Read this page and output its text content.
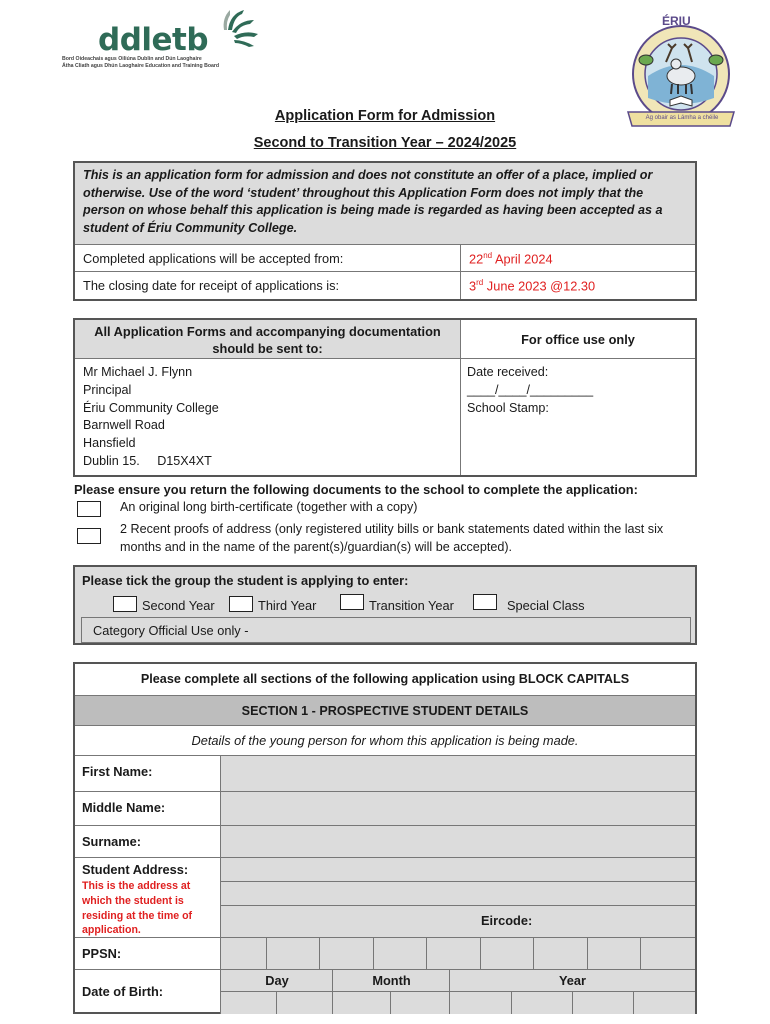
ddletb
Bord Oideachais agus Oiliúna Dublin and Dún Laoghaire
Átha Cliath agus Dhún Laoghaire Education and Training Board
ÉRIU
Ag obair as Lámha a chéile
Application Form for Admission
Second to Transition Year – 2024/2025
This is an application form for admission and does not constitute an offer of a place, implied or otherwise. Use of the word ‘student’ throughout this Application Form does not imply that the person on whose behalf this application is being made is regarded as having been accepted as a student of Ériu Community College.
Completed applications will be accepted from:	22nd April 2024
The closing date for receipt of applications is:	3rd June 2023 @12.30
All Application Forms and accompanying documentation should be sent to:
For office use only
Mr Michael J. Flynn
Principal
Ériu Community College
Barnwell Road
Hansfield
Dublin 15.     D15X4XT
Date received:
____/____/_________
School Stamp:
Please ensure you return the following documents to the school to complete the application:
An original long birth-certificate (together with a copy)
2 Recent proofs of address (only registered utility bills or bank statements dated within the last six months and in the name of the parent(s)/guardian(s) will be accepted).
Please tick the group the student is applying to enter:
Second Year	Third Year	Transition Year	Special Class
Category Official Use only -
Please complete all sections of the following application using BLOCK CAPITALS
SECTION 1 - PROSPECTIVE STUDENT DETAILS
Details of the young person for whom this application is being made.
First Name:
Middle Name:
Surname:
Student Address:
This is the address at which the student is residing at the time of application.
Eircode:
PPSN:
Date of Birth:
Day	Month	Year
